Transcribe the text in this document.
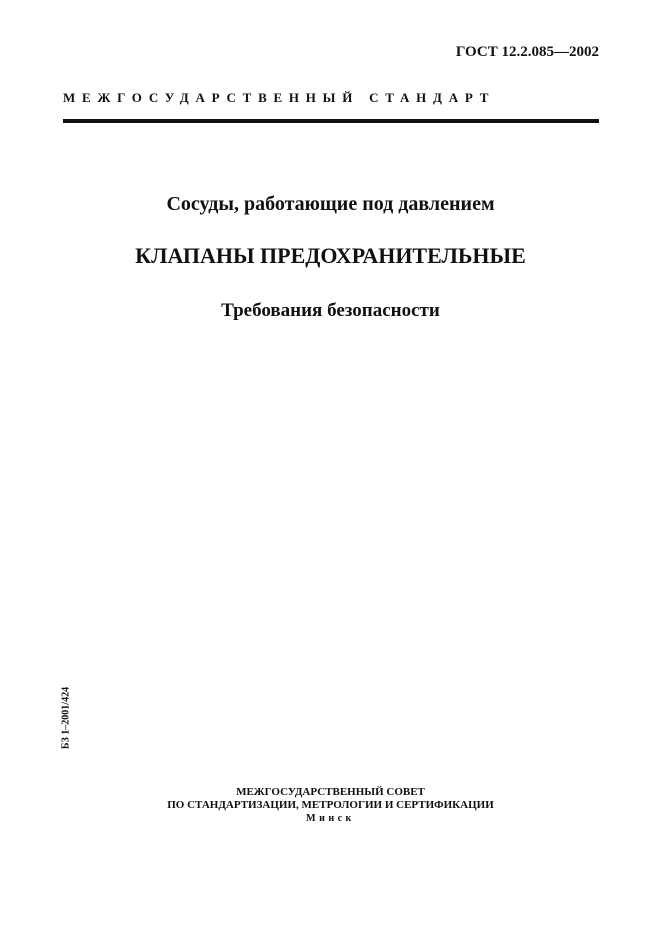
ГОСТ 12.2.085—2002
МЕЖГОСУДАРСТВЕННЫЙ СТАНДАРТ
Сосуды, работающие под давлением
КЛАПАНЫ ПРЕДОХРАНИТЕЛЬНЫЕ
Требования безопасности
БЗ 1–2001/424
МЕЖГОСУДАРСТВЕННЫЙ СОВЕТ
ПО СТАНДАРТИЗАЦИИ, МЕТРОЛОГИИ И СЕРТИФИКАЦИИ
Минск
